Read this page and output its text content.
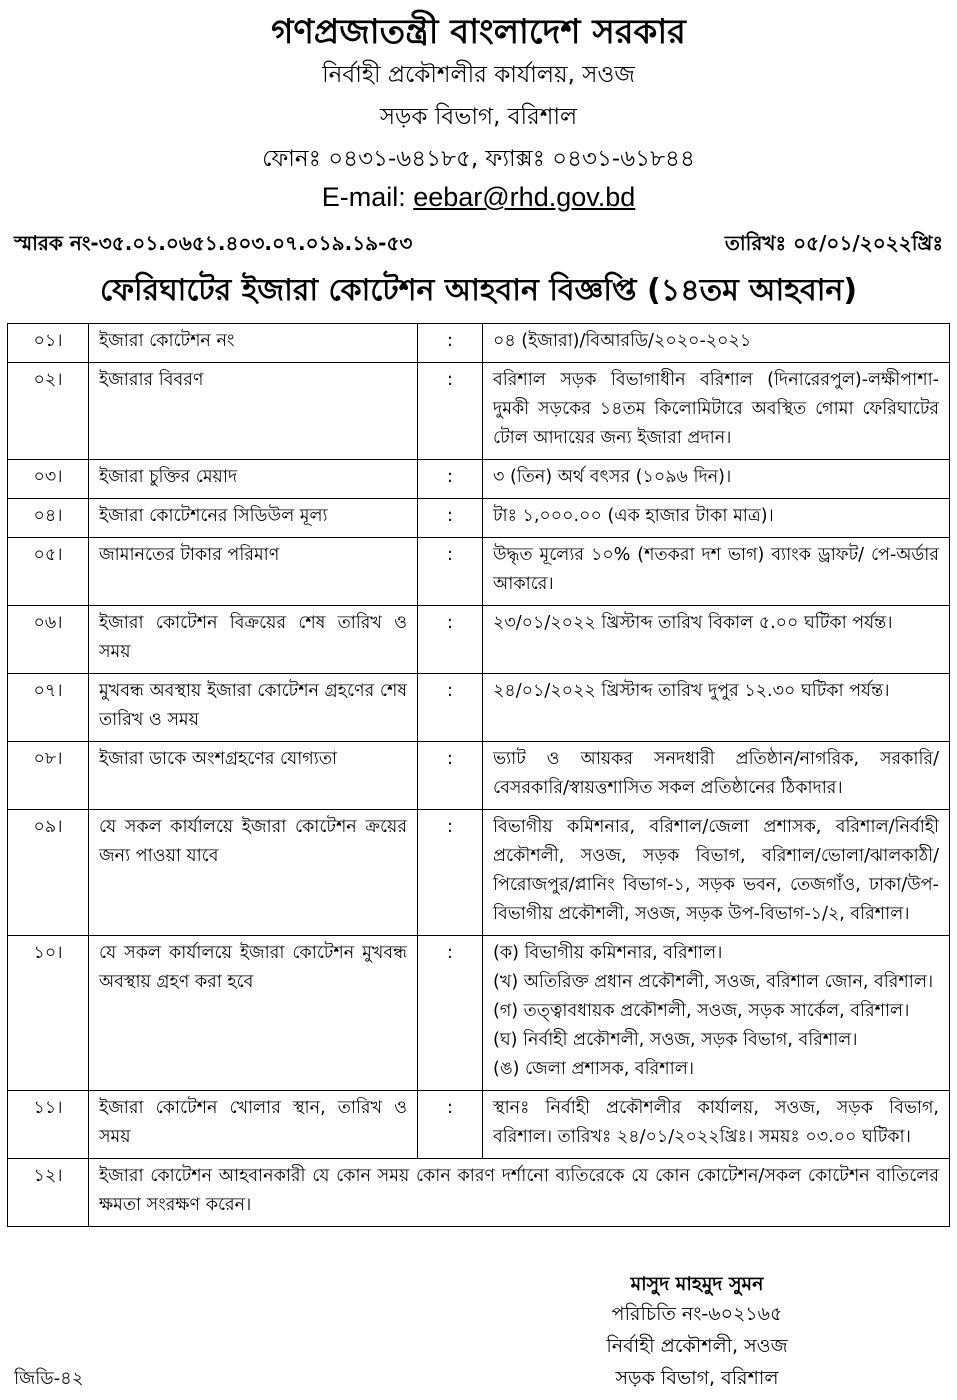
গণপ্রজাতন্ত্রী বাংলাদেশ সরকার
নির্বাহী প্রকৌশলীর কার্যালয়, সওজ
সড়ক বিভাগ, বরিশাল
ফোনঃ ০৪৩১-৬৪১৮৫, ফ্যাক্সঃ ০৪৩১-৬১৮৪৪
E-mail: eebar@rhd.gov.bd
স্মারক নং-৩৫.০১.০৬৫১.৪০৩.০৭.০১৯.১৯-৫৩	তারিখঃ ০৫/০১/২০২২খ্রিঃ
ফেরিঘাটের ইজারা কোটেশন আহবান বিজ্ঞপ্তি (১৪তম আহবান)
০১।	ইজারা কোটেশন নং	:	০৪ (ইজারা)/বিআরডি/২০২০-২০২১
০২।	ইজারার বিবরণ	:	বরিশাল সড়ক বিভাগাধীন বরিশাল (দিনারেরপুল)-লক্ষীপাশা-দুমকী সড়কের ১৪তম কিলোমিটারে অবস্থিত গোমা ফেরিঘাটের টোল আদায়ের জন্য ইজারা প্রদান।
০৩।	ইজারা চুক্তির মেয়াদ	:	৩ (তিন) অর্থ বৎসর (১০৯৬ দিন)।
০৪।	ইজারা কোটেশনের সিডিউল মূল্য	:	টাঃ ১,০০০.০০ (এক হাজার টাকা মাত্র)।
০৫।	জামানতের টাকার পরিমাণ	:	উদ্ধৃত মূল্যের ১০% (শতকরা দশ ভাগ) ব্যাংক ড্রাফট/ পে-অর্ডার আকারে।
০৬।	ইজারা কোটেশন বিক্রয়ের শেষ তারিখ ও সময়	:	২৩/০১/২০২২ খ্রিস্টাব্দ তারিখ বিকাল ৫.০০ ঘটিকা পর্যন্ত।
০৭।	মুখবন্ধ অবস্থায় ইজারা কোটেশন গ্রহণের শেষ তারিখ ও সময়	:	২৪/০১/২০২২ খ্রিস্টাব্দ তারিখ দুপুর ১২.৩০ ঘটিকা পর্যন্ত।
০৮।	ইজারা ডাকে অংশগ্রহণের যোগ্যতা	:	ভ্যাট ও আয়কর সনদধারী প্রতিষ্ঠান/নাগরিক, সরকারি/ বেসরকারি/স্বায়ত্তশাসিত সকল প্রতিষ্ঠানের ঠিকাদার।
০৯।	যে সকল কার্যালয়ে ইজারা কোটেশন ক্রয়ের জন্য পাওয়া যাবে	:	বিভাগীয় কমিশনার, বরিশাল/জেলা প্রশাসক, বরিশাল/নির্বাহী প্রকৌশলী, সওজ, সড়ক বিভাগ, বরিশাল/ভোলা/ঝালকাঠী/পিরোজপুর/প্লানিং বিভাগ-১, সড়ক ভবন, তেজগাঁও, ঢাকা/উপ-বিভাগীয় প্রকৌশলী, সওজ, সড়ক উপ-বিভাগ-১/২, বরিশাল।
১০।	যে সকল কার্যালয়ে ইজারা কোটেশন মুখবন্ধ অবস্থায় গ্রহণ করা হবে	:	(ক) বিভাগীয় কমিশনার, বরিশাল।
(খ) অতিরিক্ত প্রধান প্রকৌশলী, সওজ, বরিশাল জোন, বরিশাল।
(গ) তত্ত্বাবধায়ক প্রকৌশলী, সওজ, সড়ক সার্কেল, বরিশাল।
(ঘ) নির্বাহী প্রকৌশলী, সওজ, সড়ক বিভাগ, বরিশাল।
(ঙ) জেলা প্রশাসক, বরিশাল।

১১।	ইজারা কোটেশন খোলার স্থান, তারিখ ও সময়	:	স্থানঃ নির্বাহী প্রকৌশলীর কার্যালয়, সওজ, সড়ক বিভাগ, বরিশাল। তারিখঃ ২৪/০১/২০২২খ্রিঃ। সময়ঃ ০৩.০০ ঘটিকা।
১২।	ইজারা কোটেশন আহবানকারী যে কোন সময় কোন কারণ দর্শানো ব্যতিরেকে যে কোন কোটেশন/সকল কোটেশন বাতিলের ক্ষমতা সংরক্ষণ করেন।		
মাসুদ মাহমুদ সুমন
পরিচিতি নং-৬০২১৬৫
নির্বাহী প্রকৌশলী, সওজ
সড়ক বিভাগ, বরিশাল
জিডি-৪২
